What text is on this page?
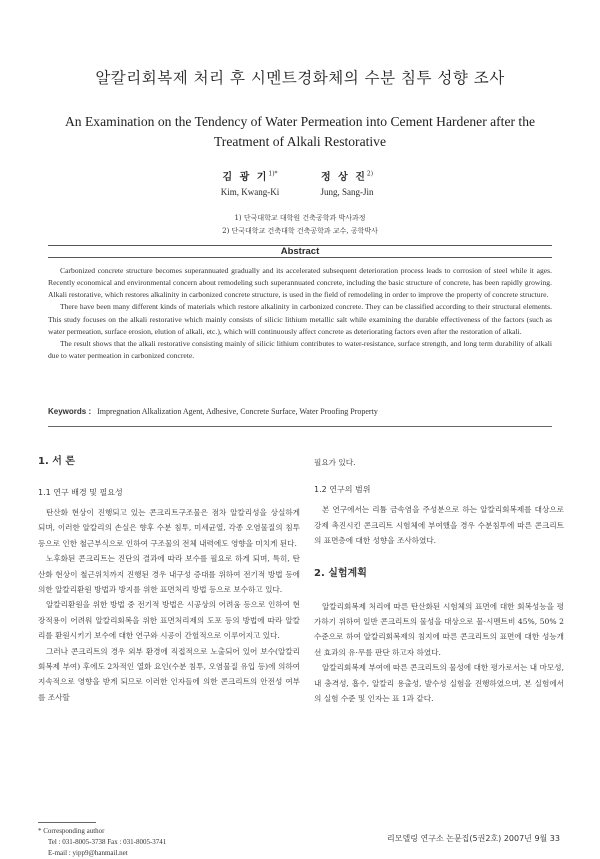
알칼리회복제 처리 후 시멘트경화체의 수분 침투 성향 조사
An Examination on the Tendency of Water Permeation into Cement Hardener after the Treatment of Alkali Restorative
김 광 기$^{1)*}$
Kim, Kwang-Ki
정 상 진$^{2)}$
Jung, Sang-Jin
1) 단국대학교 대학원 건축공학과 박사과정
2) 단국대학교 건축대학 건축공학과 교수, 공학박사
Abstract

Carbonized concrete structure becomes superannuated gradually and its accelerated subsequent deterioration process leads to corrosion of steel while it ages. Recently economical and environmental concern about remodeling such superannuated concrete, including the basic structure of concrete, has been rapidly growing. Alkali restorative, which restores alkalinity in carbonized concrete structure, is used in the field of remodeling in order to improve the property of concrete structure.

There have been many different kinds of materials which restore alkalinity in carbonized concrete. They can be classified according to their structural elements. This study focuses on the alkali restorative which mainly consists of silicic lithium metallic salt while examining the durable effectiveness of the factors (such as water permeation, surface erosion, elution of alkali, etc.), which will continuously affect concrete as deteriorating factors even after the restoration of alkali.

The result shows that the alkali restorative consisting mainly of silicic lithium contributes to water-resistance, surface strength, and long term durability of alkali due to water permeation in carbonized concrete.

Keywords : Impregnation Alkalization Agent, Adhesive, Concrete Surface, Water Proofing Property
1. 서 론
1.1 연구 배경 및 필요성

탄산화 현상이 진행되고 있는 콘크리트구조물은 점차 알칼리성을 상실하게 되며, 이러한 알칼리의 손실은 향후 수분 침투, 미세균열, 각종 오염물질의 침투 등으로 인한 철근부식으로 인하여 구조물의 전체 내력에도 영향을 미치게 된다.

노후화된 콘크리트는 진단의 결과에 따라 보수를 필요로 하게 되며, 특히, 탄산화 현상이 철근위치까지 진행된 경우 내구성 증대를 위하여 전기적 방법 등에 의한 알칼리환원 방법과 방지를 위한 표면처리 방법 등으로 보수하고 있다.

알칼리환원을 위한 방법 중 전기적 방법은 시공상의 어려움 등으로 인하여 현장적용이 어려워 알칼리회복을 위한 표면처리제의 도포 등의 방법에 따라 알칼리를 환원시키기 보수에 대한 연구와 시공이 간헐적으로 이루어지고 있다.

그러나 콘크리트의 경우 외부 환경에 직접적으로 노출되어 있어 보수(알칼리회복제 부여) 후에도 2차적인 열화 요인(수분 침투, 오염물질 유입 등)에 의하여 지속적으로 영향을 받게 되므로 이러한 인자들에 의한 콘크리트의 안전성 여부를 조사할

필요가 있다.

1.2 연구의 범위

본 연구에서는 리튬 금속염을 주성분으로 하는 알칼리회복제를 대상으로 강제 촉진시킨 콘크리트 시험체에 부여했을 경우 수분침투에 따른 콘크리트의 표면층에 대한 성향을 조사하였다.

2. 실험계획

알칼리회복제 처리에 따른 탄산화된 시험체의 표면에 대한 회복성능을 평가하기 위하여 일반 콘크리트의 물성을 대상으로 물-시멘트비 45%, 50% 2수준으로 하여 알칼리회복제의 침지에 따른 콘크리트의 표면에 대한 성능개선 효과의 유·무를 판단 하고자 하였다.

알칼리회복제 부여에 따른 콘크리트의 물성에 대한 평가로서는 내 마모성, 내 충격성, 흡수, 알칼리 용출성, 발수성 실험을 진행하였으며, 본 실험에서의 실험 수준 및 인자는 표 1과 같다.

* Corresponding author
Tel : 031-8005-3738 Fax : 031-8005-3741
E-mail : yipp9@hanmail.net
리모델링 연구소 논문집(5권2호) 2007년 9월 33
